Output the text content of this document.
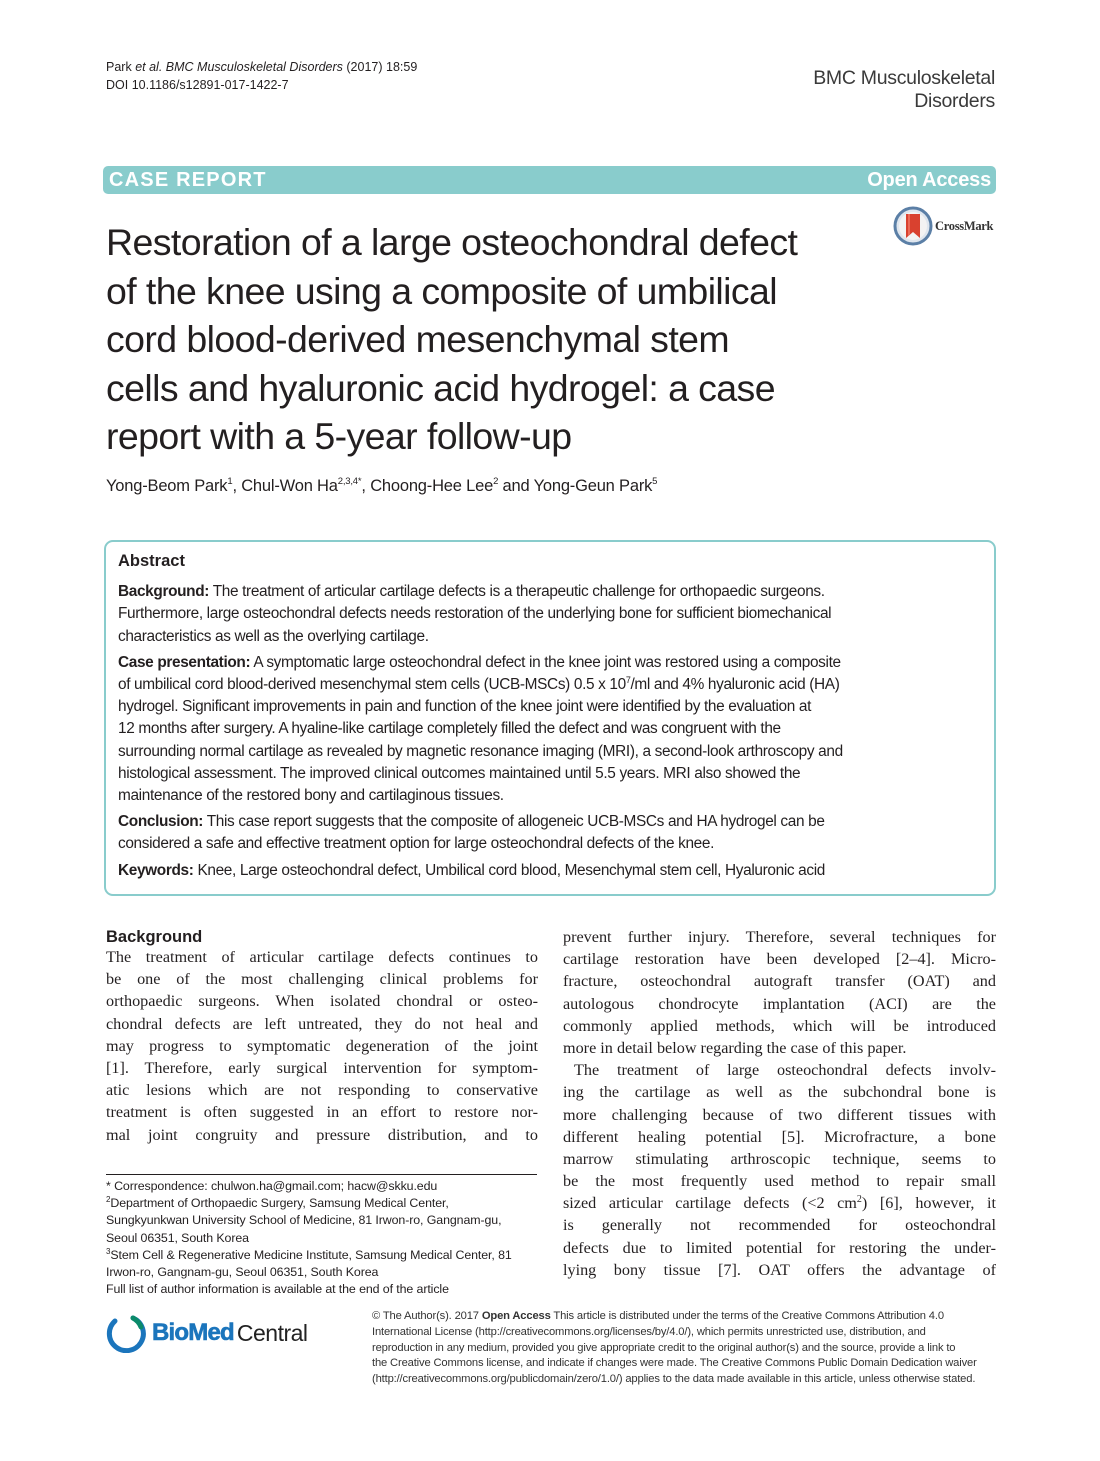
Park et al. BMC Musculoskeletal Disorders (2017) 18:59
DOI 10.1186/s12891-017-1422-7	BMC Musculoskeletal
Disorders
CASE REPORT	Open Access
Restoration of a large osteochondral defect
of the knee using a composite of umbilical
cord blood-derived mesenchymal stem
cells and hyaluronic acid hydrogel: a case
report with a 5-year follow-up
CrossMark
Yong-Beom Park$^1$, Chul-Won $Ha^{2,3,4*}$, Choong-Hee Lee$^2$ and Yong-Geun Park$^5$
Abstract
Background: The treatment of articular cartilage defects is a therapeutic challenge for orthopaedic surgeons.
Furthermore, large osteochondral defects needs restoration of the underlying bone for sufficient biomechanical
characteristics as well as the overlying cartilage.
Case presentation: A symptomatic large osteochondral defect in the knee joint was restored using a composite
of umbilical cord blood-derived mesenchymal stem cells (UCB-MSCs) 0.5 x $10^7/ml$ and 4% hyaluronic acid (HA)
hydrogel. Significant improvements in pain and function of the knee joint were identified by the evaluation at
12 months after surgery. A hyaline-like cartilage completely filled the defect and was congruent with the
surrounding normal cartilage as revealed by magnetic resonance imaging (MRI), a second-look arthroscopy and
histological assessment. The improved clinical outcomes maintained until 5.5 years. MRI also showed the
maintenance of the restored bony and cartilaginous tissues.
Conclusion: This case report suggests that the composite of allogeneic UCB-MSCs and HA hydrogel can be
considered a safe and effective treatment option for large osteochondral defects of the knee.
Keywords: Knee, Large osteochondral defect, Umbilical cord blood, Mesenchymal stem cell, Hyaluronic acid
Background
The treatment of articular cartilage defects continues to
be one of the most challenging clinical problems for
orthopaedic surgeons. When isolated chondral or osteo-
chondral defects are left untreated, they do not heal and
may progress to symptomatic degeneration of the joint
[1]. Therefore, early surgical intervention for symptom-
atic lesions which are not responding to conservative
treatment is often suggested in an effort to restore nor-
mal joint congruity and pressure distribution, and to
prevent further injury. Therefore, several techniques for
cartilage restoration have been developed [2–4]. Micro-
fracture, osteochondral autograft transfer (OAT) and
autologous chondrocyte implantation (ACI) are the
commonly applied methods, which will be introduced
more in detail below regarding the case of this paper.
The treatment of large osteochondral defects involv-
ing the cartilage as well as the subchondral bone is
more challenging because of two different tissues with
different healing potential [5]. Microfracture, a bone
marrow stimulating arthroscopic technique, seems to
be the most frequently used method to repair small
sized articular cartilage defects (<2 $cm^2$) [6], however, it
is generally not recommended for osteochondral
defects due to limited potential for restoring the under-
lying bony tissue [7]. OAT offers the advantage of
* Correspondence: chulwon.ha@gmail.com; hacw@skku.edu
$^2$Department of Orthopaedic Surgery, Samsung Medical Center,
Sungkyunkwan University School of Medicine, 81 Irwon-ro, Gangnam-gu,
Seoul 06351, South Korea
$^3$Stem Cell & Regenerative Medicine Institute, Samsung Medical Center, 81
Irwon-ro, Gangnam-gu, Seoul 06351, South Korea
Full list of author information is available at the end of the article
BioMed Central
© The Author(s). 2017 Open Access This article is distributed under the terms of the Creative Commons Attribution 4.0
International License (http://creativecommons.org/licenses/by/4.0/), which permits unrestricted use, distribution, and
reproduction in any medium, provided you give appropriate credit to the original author(s) and the source, provide a link to
the Creative Commons license, and indicate if changes were made. The Creative Commons Public Domain Dedication waiver
(http://creativecommons.org/publicdomain/zero/1.0/) applies to the data made available in this article, unless otherwise stated.
